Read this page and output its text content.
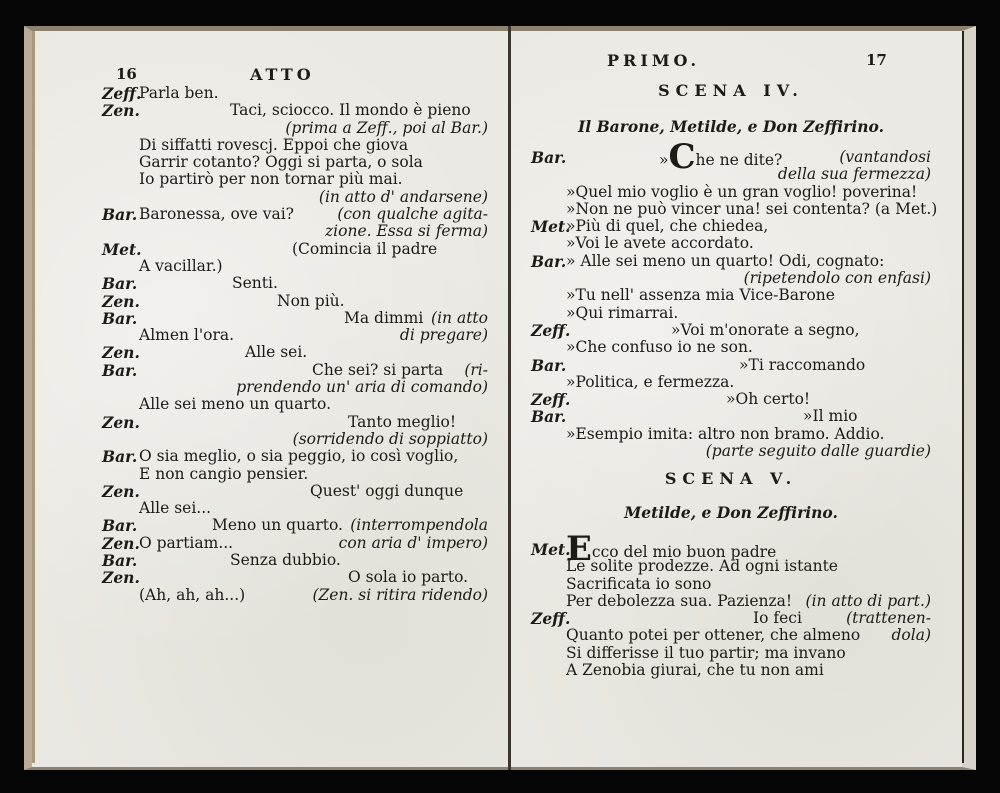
16	ATTO
Zeff.
Parla ben.
Zen.	Taci, sciocco. Il mondo è pieno
(prima a Zeff., poi al Bar.)
Di siffatti rovescj. Eppoi che giova
Garrir cotanto? Oggi si parta, o sola
Io partirò per non tornar più mai.
(in atto d' andarsene)
Bar. Baronessa, ove vai?	(con qualche agita-
zione. Essa si ferma)
Met.	(Comincia il padre
A vacillar.)
Bar.	Senti.
Zen.	Non più.
Bar.	Ma dimmi (in atto
Almen l'ora.	di pregare)
Zen.	Alle sei.
Bar.	Che sei? si parta (ri-
prendendo un' aria di comando)
Alle sei meno un quarto.
Zen.	Tanto meglio!
(sorridendo di soppiatto)
Bar. O sia meglio, o sia peggio, io così voglio,
E non cangio pensier.
Zen.	Quest' oggi dunque
Alle sei...
Bar.	Meno un quarto. (interrompendola
Zen. O partiam...	con aria d' impero)
Bar.	Senza dubbio.
Zen.	O sola io parto.
(Ah, ah, ah...)	(Zen. si ritira ridendo)
PRIMO.	17
SCENA IV.
Il Barone, Metilde, e Don Zeffirino.
Bar.	»Che ne dite?	(vantandosi
della sua fermezza)
»Quel mio voglio è un gran voglio! poverina!
»Non ne può vincer una! sei contenta? (a Met.)
Met.
»Più di quel, che chiedea,
»Voi le avete accordato.
Bar. » Alle sei meno un quarto! Odi, cognato:
(ripetendolo con enfasi)
»Tu nell' assenza mia Vice-Barone
»Qui rimarrai.
Zeff.	»Voi m'onorate a segno,
»Che confuso io ne son.
Bar.	»Ti raccomando
»Politica, e fermezza.
Zeff.	»Oh certo!
Bar.	»Il mio
»Esempio imita: altro non bramo. Addio.
(parte seguito dalle guardie)
SCENA V.
Metilde, e Don Zeffirino.
Met.
Ecco del mio buon padre
Le solite prodezze. Ad ogni istante
Sacrificata io sono
Per debolezza sua. Pazienza! (in atto di part.)
Zeff.	Io feci	(trattenen-
Quanto potei per ottener, che almeno dola)
Si differisse il tuo partir; ma invano
A Zenobia giurai, che tu non ami
